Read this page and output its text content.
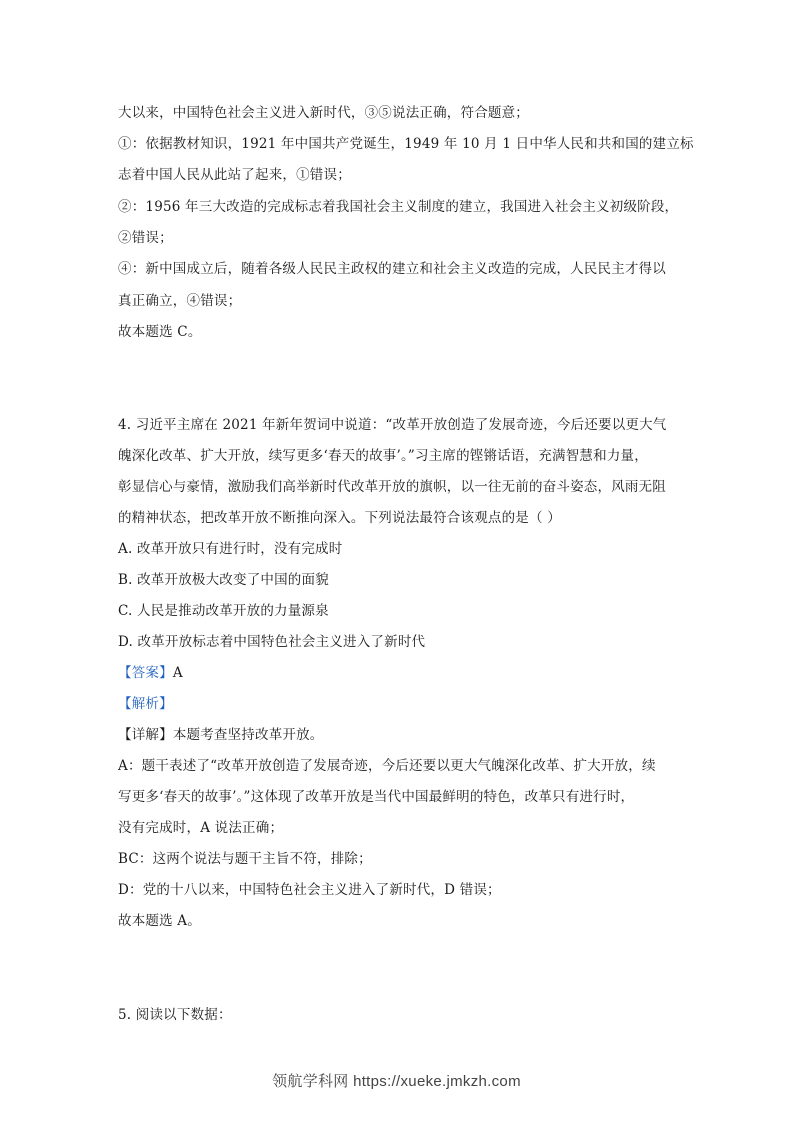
大以来，中国特色社会主义进入新时代，③⑤说法正确，符合题意；
①：依据教材知识，1921 年中国共产党诞生，1949 年 10 月 1 日中华人民和共和国的建立标
志着中国人民从此站了起来，①错误；
②：1956 年三大改造的完成标志着我国社会主义制度的建立，我国进入社会主义初级阶段，
②错误；
④：新中国成立后，随着各级人民民主政权的建立和社会主义改造的完成，人民民主才得以
真正确立，④错误；
故本题选 C。
4. 习近平主席在 2021 年新年贺词中说道：“改革开放创造了发展奇迹，今后还要以更大气
魄深化改革、扩大开放，续写更多‘春天的故事’。”习主席的铿锵话语，充满智慧和力量，
彰显信心与豪情，激励我们高举新时代改革开放的旗帜，以一往无前的奋斗姿态，风雨无阻
的精神状态，把改革开放不断推向深入。下列说法最符合该观点的是（ ）
A. 改革开放只有进行时，没有完成时
B. 改革开放极大改变了中国的面貌
C. 人民是推动改革开放的力量源泉
D. 改革开放标志着中国特色社会主义进入了新时代
【答案】A
【解析】
【详解】本题考查坚持改革开放。
A：题干表述了“改革开放创造了发展奇迹，今后还要以更大气魄深化改革、扩大开放，续
写更多‘春天的故事’。”这体现了改革开放是当代中国最鲜明的特色，改革只有进行时，
没有完成时，A 说法正确；
BC：这两个说法与题干主旨不符，排除；
D：党的十八以来，中国特色社会主义进入了新时代，D 错误；
故本题选 A。
5. 阅读以下数据：
领航学科网 https://xueke.jmkzh.com
